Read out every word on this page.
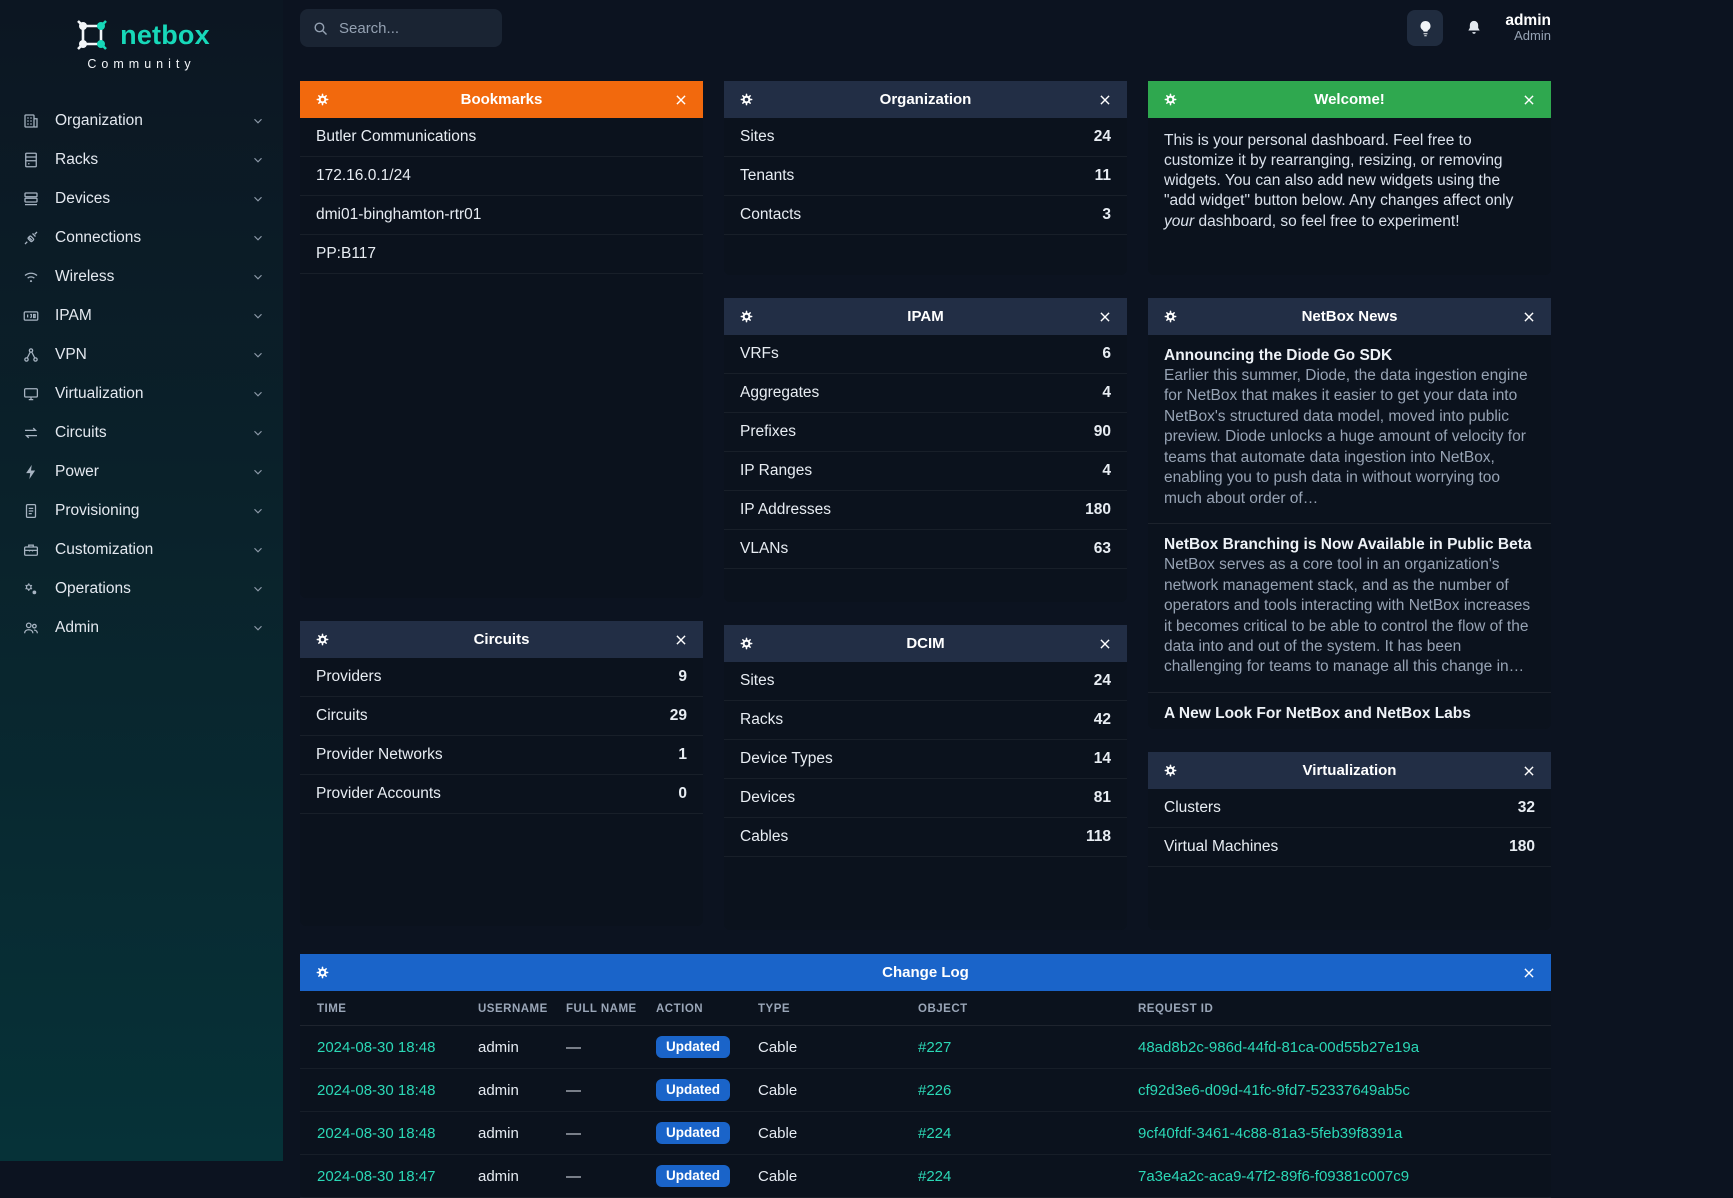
netbox
Community
Organization
Racks
Devices
Connections
Wireless
IPAM
VPN
Virtualization
Circuits
Power
Provisioning
Customization
Operations
Admin
Search...
admin
Admin
Bookmarks
Butler Communications
172.16.0.1/24
dmi01-binghamton-rtr01
PP:B117
Circuits
Providers	9
Circuits	29
Provider Networks	1
Provider Accounts	0
Organization
Sites	24
Tenants	11
Contacts	3
IPAM
VRFs	6
Aggregates	4
Prefixes	90
IP Ranges	4
IP Addresses	180
VLANs	63
DCIM
Sites	24
Racks	42
Device Types	14
Devices	81
Cables	118
Welcome!
This is your personal dashboard. Feel free to customize it by rearranging, resizing, or removing widgets. You can also add new widgets using the "add widget" button below. Any changes affect only your dashboard, so feel free to experiment!
NetBox News
Announcing the Diode Go SDK
Earlier this summer, Diode, the data ingestion engine for NetBox that makes it easier to get your data into NetBox's structured data model, moved into public preview. Diode unlocks a huge amount of velocity for teams that automate data ingestion into NetBox, enabling you to push data in without worrying too much about order of…
NetBox Branching is Now Available in Public Beta
NetBox serves as a core tool in an organization's network management stack, and as the number of operators and tools interacting with NetBox increases it becomes critical to be able to control the flow of the data into and out of the system. It has been challenging for teams to manage all this change in…
A New Look For NetBox and NetBox Labs
Virtualization
Clusters	32
Virtual Machines	180
Change Log
TIME	USERNAME	FULL NAME	ACTION	TYPE	OBJECT	REQUEST ID
2024-08-30 18:48	admin	—	Updated	Cable	#227	48ad8b2c-986d-44fd-81ca-00d55b27e19a
2024-08-30 18:48	admin	—	Updated	Cable	#226	cf92d3e6-d09d-41fc-9fd7-52337649ab5c
2024-08-30 18:48	admin	—	Updated	Cable	#224	9cf40fdf-3461-4c88-81a3-5feb39f8391a
2024-08-30 18:47	admin	—	Updated	Cable	#224	7a3e4a2c-aca9-47f2-89f6-f09381c007c9
